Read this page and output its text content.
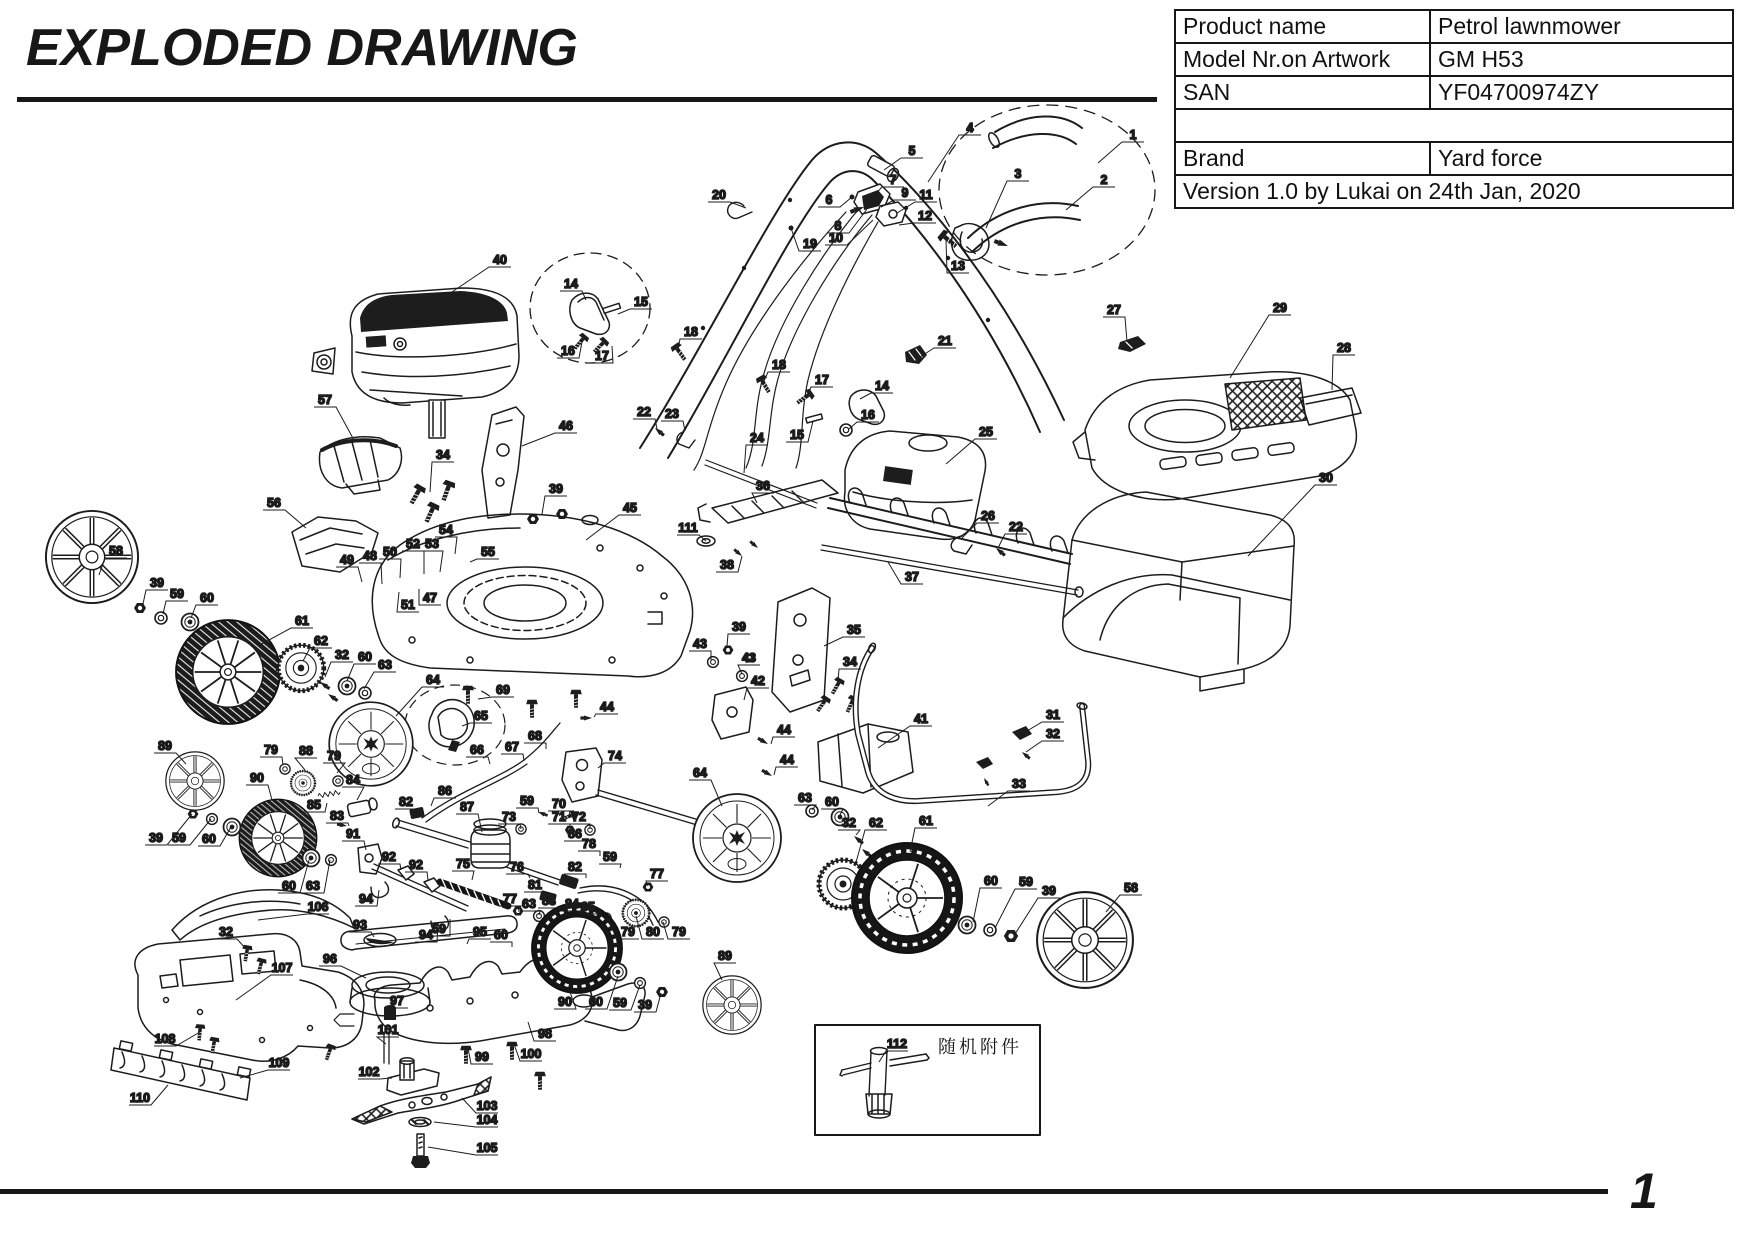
EXPLODED DRAWING	Product name	Petrol lawnmower
Model Nr.on Artwork	GM H53
SAN	YF04700974ZY

Brand	Yard force
Version 1.0 by Lukai on 24th Jan, 2020	
20
5
4	1
2
3
7
9 11
6
12
8
10
19
13
21
27	29
28
30
40
14
15
16 17
18
18
17	14
16
15
22 23
24	25
36
26
22
45
111
38
37
57
56
46
34
39
49 48 50
52 53
54
55
51 47
58
39
59 60
61
62
32 60
63
64
69
65
44
66 67
68
74
64
89	79 88 79
90
85
84
83
82
86
87
39 59 60
60 63
59 70
73	71 72
86
78
59
82
81
76	77
91
92
92	75
94
93
94 59 95 60
77 63 83 84 85
79 80 79
35
39
43
43
42
34
44
44
41	31
32
33
63 60
32 62	61
60 59
39	58
89
106
32
107
96
97
101
108
109
110
102
99	100
98
103
104
105
90 60 59 39
112 随机附件
1
